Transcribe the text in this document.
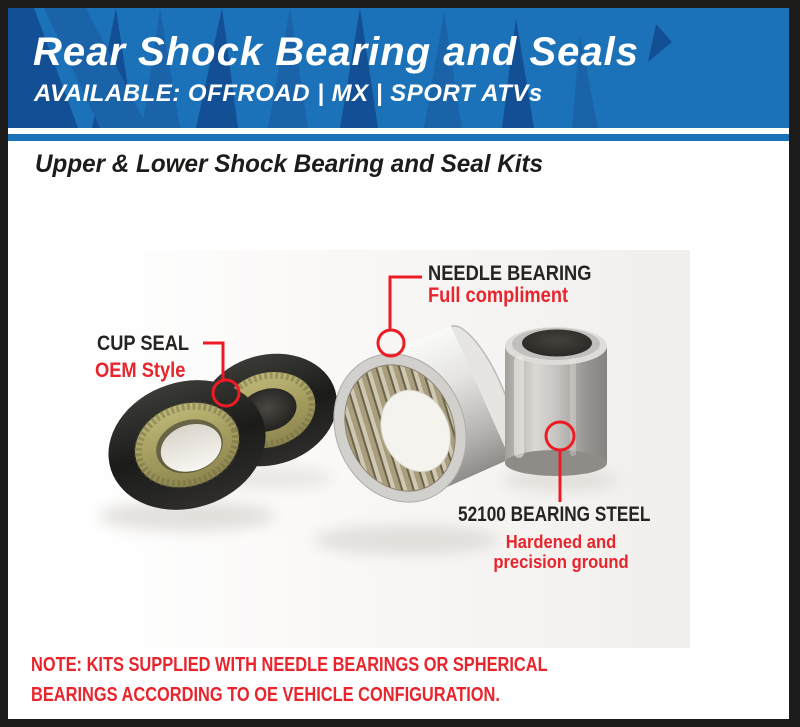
Rear Shock Bearing and Seals
AVAILABLE: OFFROAD | MX | SPORT ATVs
Upper & Lower Shock Bearing and Seal Kits
CUP SEAL
OEM Style
NEEDLE BEARING
Full compliment
52100 BEARING STEEL
Hardened and
precision ground
NOTE: KITS SUPPLIED WITH NEEDLE BEARINGS OR SPHERICAL
BEARINGS ACCORDING TO OE VEHICLE CONFIGURATION.
